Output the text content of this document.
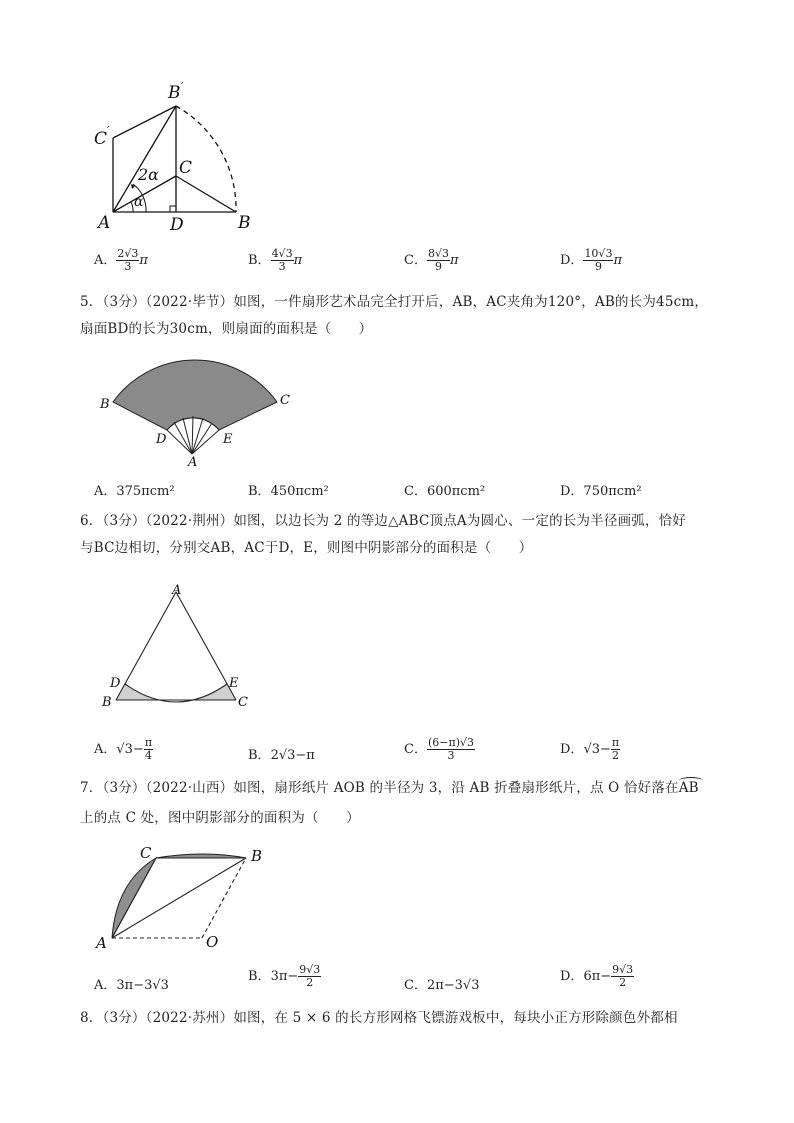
B ′
C ′
C
A	D	B
2α
α
A． $\frac{2√3}{3}$ π	B． $\frac{4√3}{3}$ π	C． $\frac{8√3}{9}$ π	D． $\frac{10√3}{9}$ π
5．（3分）（2022·毕节）如图，一件扇形艺术品完全打开后，AB，AC夹角为120°，AB的长为45cm，
扇面BD的长为30cm，则扇面的面积是（　　）
B	C
D	E
A
A．375πcm²	B．450πcm²	C．600πcm²	D．750πcm²
6．（3分）（2022·荆州）如图，以边长为 2 的等边△ABC顶点A为圆心、一定的长为半径画弧，恰好
与BC边相切，分别交AB，AC于D，E，则图中阴影部分的面积是（　　）
A
D	E
B	C
A．$√3- \frac{\pi}{4}$	B．2√3−π	C． $\frac{(6-\pi)√3}{3}$	D．$√3- \frac{\pi}{2}$
7．（3分）（2022·山西）如图，扇形纸片 AOB 的半径为 3，沿 AB 折叠扇形纸片，点 O 恰好落在AB
上的点 C 处，图中阴影部分的面积为（　　）
C	B
A	O
A．3π−3√3
B．$3\pi- \frac{9√3}{2}$	C．2π−3√3
D．$6\pi- \frac{9√3}{2}$
8．（3分）（2022·苏州）如图，在 5 × 6 的长方形网格飞镖游戏板中，每块小正方形除颜色外都相
